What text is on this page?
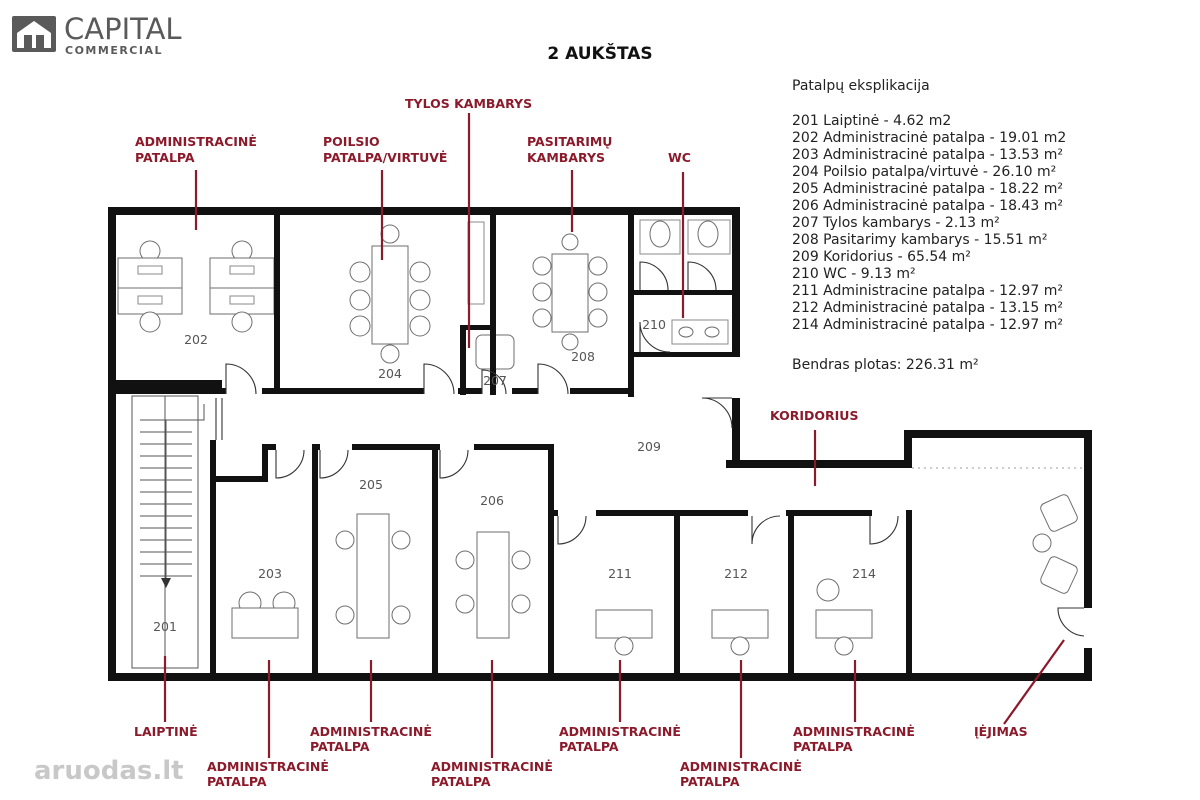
CAPITAL
COMMERCIAL	2 AUKŠTAS
Patalpų eksplikacija
201 Laiptinė - 4.62 m2
202 Administracinė patalpa - 19.01 m2
203 Administracinė patalpa - 13.53 m²
204 Poilsio patalpa/virtuvė - 26.10 m²
205 Administracinė patalpa - 18.22 m²
206 Administracinė patalpa - 18.43 m²
207 Tylos kambarys - 2.13 m²
208 Pasitarimy kambarys - 15.51 m²
209 Koridorius - 65.54 m²
210 WC - 9.13 m²
211 Administracine patalpa - 12.97 m²
212 Administracinė patalpa - 13.15 m²
214 Administracinė patalpa - 12.97 m²
Bendras plotas: 226.31 m²
202
204	207
208
210
209
205
206
203	211	212	214
201
ADMINISTRACINĖ
PATALPA
POILSIO
PATALPA/VIRTUVĖ
TYLOS KAMBARYS
PASITARIMŲ
KAMBARYS	WC
KORIDORIUS
LAIPTINĖ
ADMINISTRACINĖ
PATALPA
ADMINISTRACINĖ
PATALPA
ADMINISTRACINĖ
PATALPA
ADMINISTRACINĖ
PATALPA
ADMINISTRACINĖ
PATALPA
ADMINISTRACINĖ
PATALPA
ĮĖJIMAS
aruodas.lt
